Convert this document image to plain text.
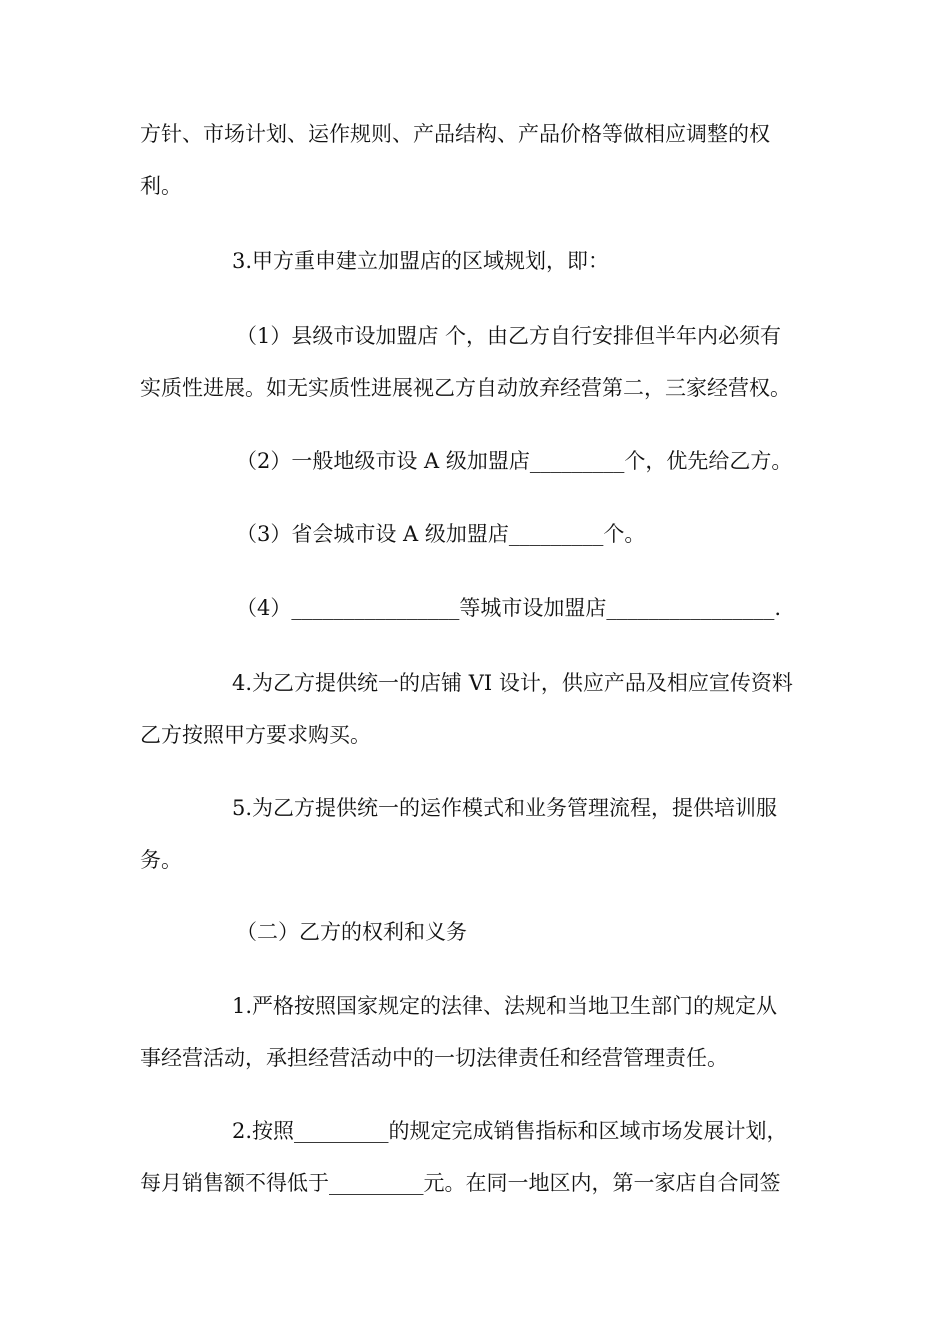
方针、市场计划、运作规则、产品结构、产品价格等做相应调整的权
利。
3.甲方重申建立加盟店的区域规划，即：
（1）县级市设加盟店 个，由乙方自行安排但半年内必须有
实质性进展。如无实质性进展视乙方自动放弃经营第二，三家经营权。
（2）一般地级市设 A 级加盟店_________个，优先给乙方。
（3）省会城市设 A 级加盟店_________个。
（4）________________等城市设加盟店________________.
4.为乙方提供统一的店铺 VI 设计，供应产品及相应宣传资料
乙方按照甲方要求购买。
5.为乙方提供统一的运作模式和业务管理流程，提供培训服
务。
（二）乙方的权利和义务
1.严格按照国家规定的法律、法规和当地卫生部门的规定从
事经营活动，承担经营活动中的一切法律责任和经营管理责任。
2.按照_________的规定完成销售指标和区域市场发展计划，
每月销售额不得低于_________元。在同一地区内，第一家店自合同签
